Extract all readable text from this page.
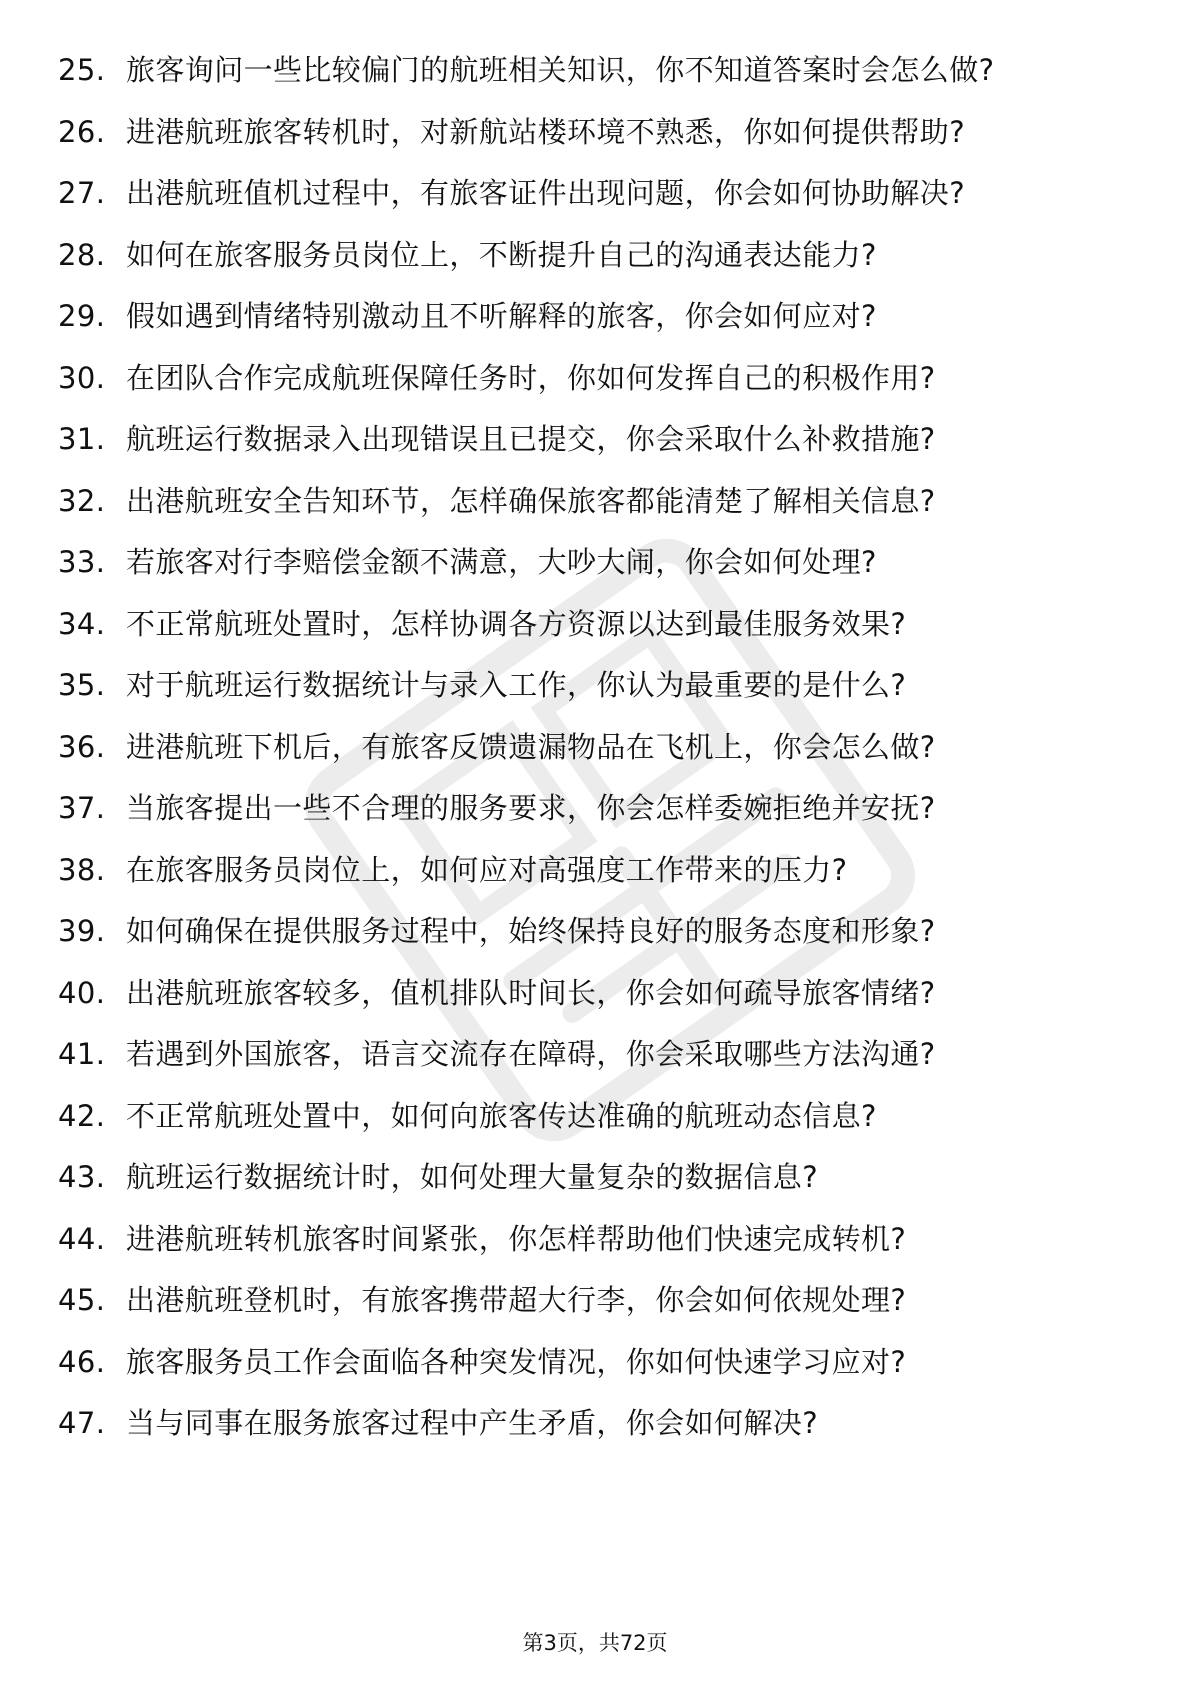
25. 旅客询问一些比较偏门的航班相关知识，你不知道答案时会怎么做?
26. 进港航班旅客转机时，对新航站楼环境不熟悉，你如何提供帮助?
27. 出港航班值机过程中，有旅客证件出现问题，你会如何协助解决?
28. 如何在旅客服务员岗位上，不断提升自己的沟通表达能力?
29. 假如遇到情绪特别激动且不听解释的旅客，你会如何应对?
30. 在团队合作完成航班保障任务时，你如何发挥自己的积极作用?
31. 航班运行数据录入出现错误且已提交，你会采取什么补救措施?
32. 出港航班安全告知环节，怎样确保旅客都能清楚了解相关信息?
33. 若旅客对行李赔偿金额不满意，大吵大闹，你会如何处理?
34. 不正常航班处置时，怎样协调各方资源以达到最佳服务效果?
35. 对于航班运行数据统计与录入工作，你认为最重要的是什么?
36. 进港航班下机后，有旅客反馈遗漏物品在飞机上，你会怎么做?
37. 当旅客提出一些不合理的服务要求，你会怎样委婉拒绝并安抚?
38. 在旅客服务员岗位上，如何应对高强度工作带来的压力?
39. 如何确保在提供服务过程中，始终保持良好的服务态度和形象?
40. 出港航班旅客较多，值机排队时间长，你会如何疏导旅客情绪?
41. 若遇到外国旅客，语言交流存在障碍，你会采取哪些方法沟通?
42. 不正常航班处置中，如何向旅客传达准确的航班动态信息?
43. 航班运行数据统计时，如何处理大量复杂的数据信息?
44. 进港航班转机旅客时间紧张，你怎样帮助他们快速完成转机?
45. 出港航班登机时，有旅客携带超大行李，你会如何依规处理?
46. 旅客服务员工作会面临各种突发情况，你如何快速学习应对?
47. 当与同事在服务旅客过程中产生矛盾，你会如何解决?
第3页，共72页
